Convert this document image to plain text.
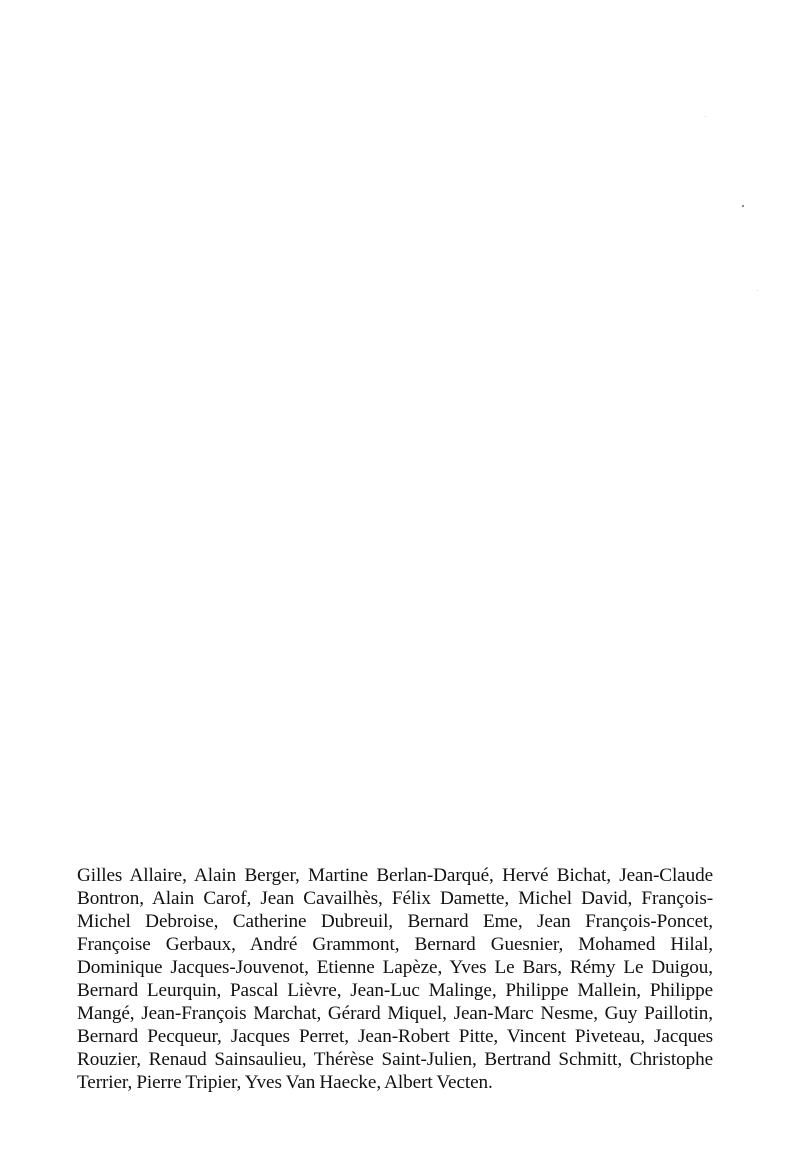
Gilles Allaire, Alain Berger, Martine Berlan-Darqué, Hervé Bichat, Jean-Claude Bontron, Alain Carof, Jean Cavailhès, Félix Damette, Michel David, François-Michel Debroise, Catherine Dubreuil, Bernard Eme, Jean François-Poncet, Françoise Gerbaux, André Grammont, Bernard Guesnier, Mohamed Hilal, Dominique Jacques-Jouvenot, Etienne Lapèze, Yves Le Bars, Rémy Le Duigou, Bernard Leurquin, Pascal Lièvre, Jean-Luc Malinge, Philippe Mallein, Philippe Mangé, Jean-François Marchat, Gérard Miquel, Jean-Marc Nesme, Guy Paillotin, Bernard Pecqueur, Jacques Perret, Jean-Robert Pitte, Vincent Piveteau, Jacques Rouzier, Renaud Sainsaulieu, Thérèse Saint-Julien, Bertrand Schmitt, Christophe Terrier, Pierre Tripier, Yves Van Haecke, Albert Vecten.
